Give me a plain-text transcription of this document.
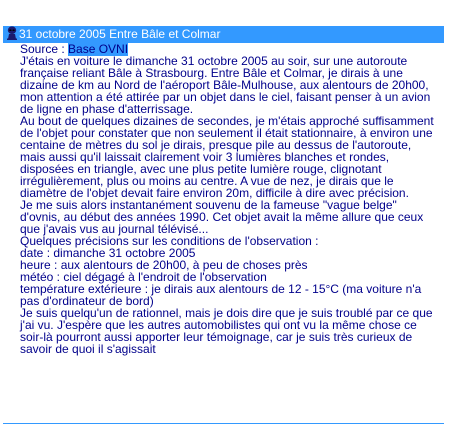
31 octobre 2005 Entre Bâle et Colmar

Source : Base OVNI

J'étais en voiture le dimanche 31 octobre 2005 au soir, sur une autoroute française reliant Bâle à Strasbourg. Entre Bâle et Colmar, je dirais à une dizaine de km au Nord de l'aéroport Bâle-Mulhouse, aux alentours de 20h00, mon attention a été attirée par un objet dans le ciel, faisant penser à un avion de ligne en phase d'atterrissage.

Au bout de quelques dizaines de secondes, je m'étais approché suffisamment de l'objet pour constater que non seulement il était stationnaire, à environ une centaine de mètres du sol je dirais, presque pile au dessus de l'autoroute, mais aussi qu'il laissait clairement voir 3 lumières blanches et rondes, disposées en triangle, avec une plus petite lumière rouge, clignotant irrégulièrement, plus ou moins au centre. A vue de nez, je dirais que le diamètre de l'objet devait faire environ 20m, difficile à dire avec précision.

Je me suis alors instantanément souvenu de la fameuse "vague belge" d'ovnis, au début des années 1990. Cet objet avait la même allure que ceux que j'avais vus au journal télévisé...

Quelques précisions sur les conditions de l'observation :

date : dimanche 31 octobre 2005

heure : aux alentours de 20h00, à peu de choses près

météo : ciel dégagé à l'endroit de l'observation

température extérieure : je dirais aux alentours de 12 - 15°C (ma voiture n'a pas d'ordinateur de bord)

Je suis quelqu'un de rationnel, mais je dois dire que je suis troublé par ce que j'ai vu. J'espère que les autres automobilistes qui ont vu la même chose ce soir-là pourront aussi apporter leur témoignage, car je suis très curieux de savoir de quoi il s'agissait
